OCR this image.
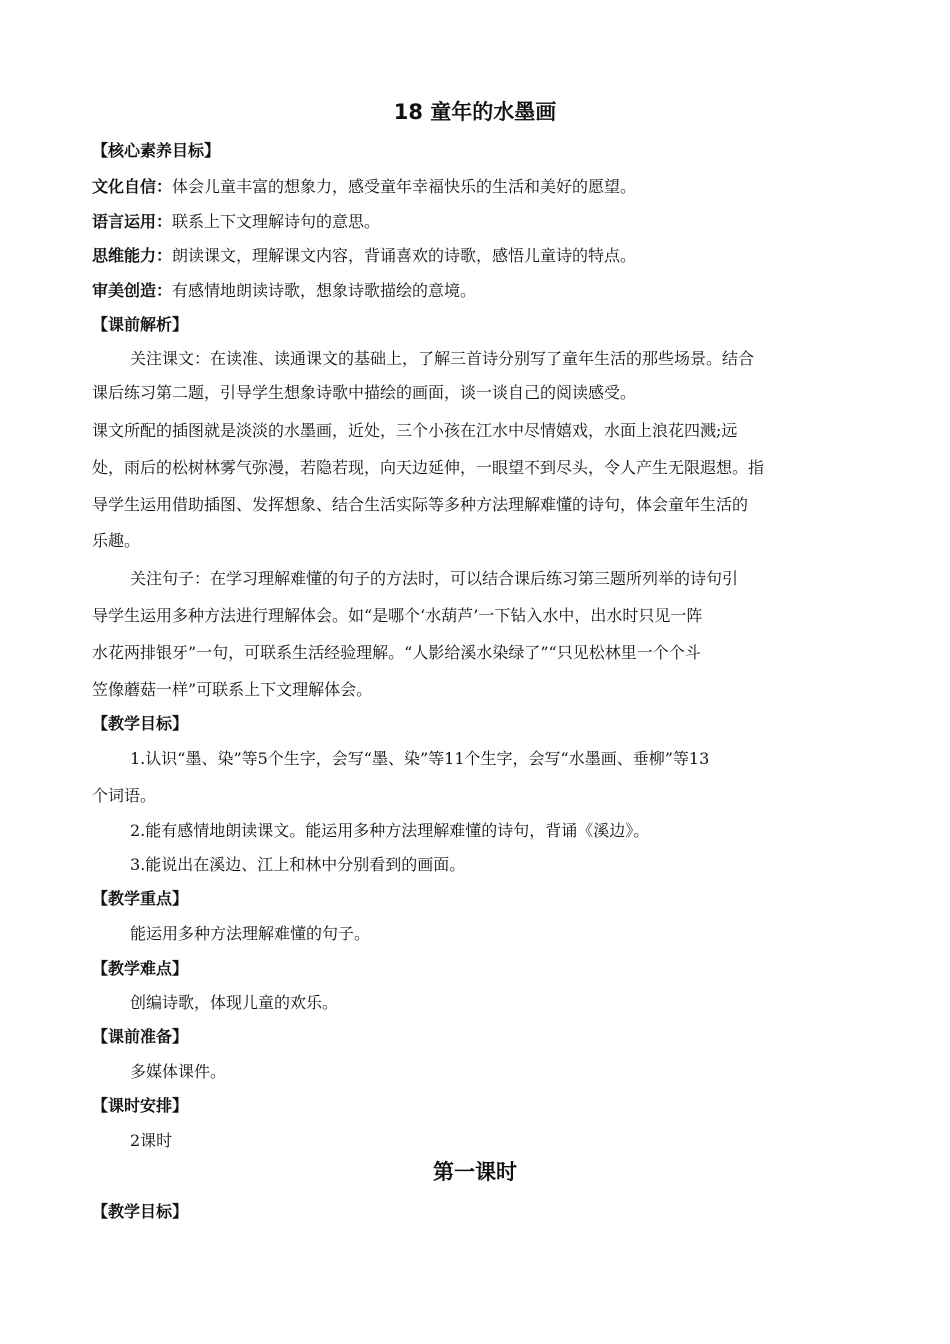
18 童年的水墨画
【核心素养目标】
文化自信：体会儿童丰富的想象力，感受童年幸福快乐的生活和美好的愿望。
语言运用：联系上下文理解诗句的意思。
思维能力：朗读课文，理解课文内容，背诵喜欢的诗歌，感悟儿童诗的特点。
审美创造：有感情地朗读诗歌，想象诗歌描绘的意境。
【课前解析】
关注课文：在读准、读通课文的基础上，了解三首诗分别写了童年生活的那些场景。结合
课后练习第二题，引导学生想象诗歌中描绘的画面，谈一谈自己的阅读感受。
课文所配的插图就是淡淡的水墨画，近处，三个小孩在江水中尽情嬉戏，水面上浪花四溅;远
处，雨后的松树林雾气弥漫，若隐若现，向天边延伸，一眼望不到尽头，令人产生无限遐想。指
导学生运用借助插图、发挥想象、结合生活实际等多种方法理解难懂的诗句，体会童年生活的
乐趣。
关注句子：在学习理解难懂的句子的方法时，可以结合课后练习第三题所列举的诗句引
导学生运用多种方法进行理解体会。如“是哪个‘水葫芦’一下钻入水中，出水时只见一阵
水花两排银牙”一句，可联系生活经验理解。“人影给溪水染绿了”“只见松林里一个个斗
笠像蘑菇一样”可联系上下文理解体会。
【教学目标】
1.认识“墨、染”等5个生字，会写“墨、染”等11个生字，会写“水墨画、垂柳”等13
个词语。
2.能有感情地朗读课文。能运用多种方法理解难懂的诗句，背诵《溪边》。
3.能说出在溪边、江上和林中分别看到的画面。
【教学重点】
能运用多种方法理解难懂的句子。
【教学难点】
创编诗歌，体现儿童的欢乐。
【课前准备】
多媒体课件。
【课时安排】
2课时
第一课时
【教学目标】
